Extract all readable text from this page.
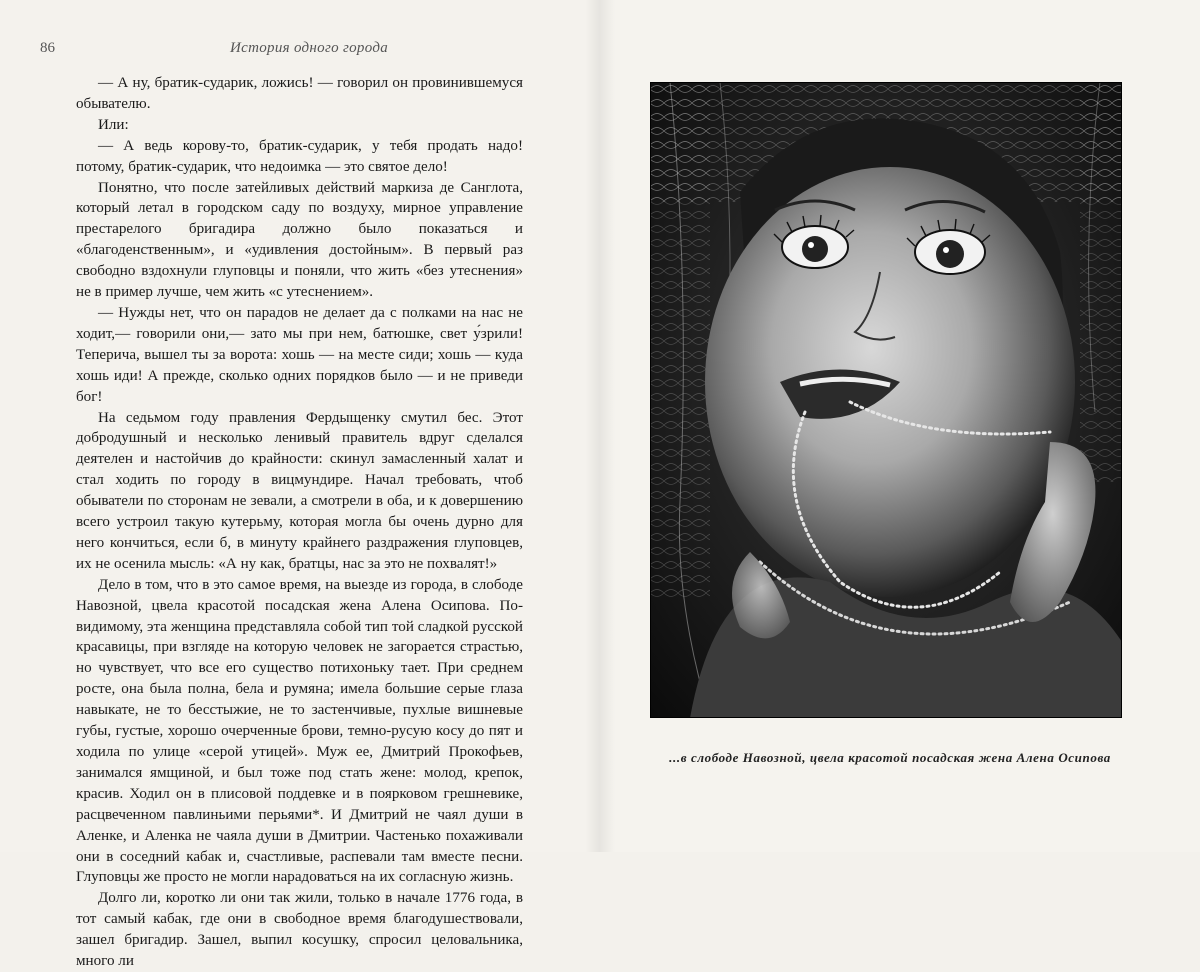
86	История одного города

— А ну, братик-сударик, ложись! — говорил он провинившемуся обывателю.

Или:

— А ведь корову-то, братик-сударик, у тебя продать надо! потому, братик-сударик, что недоимка — это святое дело!

Понятно, что после затейливых действий маркиза де Санглота, который летал в городском саду по воздуху, мирное управление престарелого бригадира должно было показаться и «благоденственным», и «удивления достойным». В первый раз свободно вздохнули глуповцы и поняли, что жить «без утеснения» не в пример лучше, чем жить «с утеснением».

— Нужды нет, что он парадов не делает да с полками на нас не ходит,— говорили они,— зато мы при нем, батюшке, свет у́зрили! Теперича, вышел ты за ворота: хошь — на месте сиди; хошь — куда хошь иди! А прежде, сколько одних порядков было — и не приведи бог!

На седьмом году правления Фердыщенку смутил бес. Этот добродушный и несколько ленивый правитель вдруг сделался деятелен и настойчив до крайности: скинул замасленный халат и стал ходить по городу в вицмундире. Начал требовать, чтоб обыватели по сторонам не зевали, а смотрели в оба, и к довершению всего устроил такую кутерьму, которая могла бы очень дурно для него кончиться, если б, в минуту крайнего раздражения глуповцев, их не осенила мысль: «А ну как, братцы, нас за это не похвалят!»

Дело в том, что в это самое время, на выезде из города, в слободе Навозной, цвела красотой посадская жена Алена Осипова. По-видимому, эта женщина представляла собой тип той сладкой русской красавицы, при взгляде на которую человек не загорается страстью, но чувствует, что все его существо потихоньку тает. При среднем росте, она была полна, бела и румяна; имела большие серые глаза навыкате, не то бесстыжие, не то застенчивые, пухлые вишневые губы, густые, хорошо очерченные брови, темно-русую косу до пят и ходила по улице «серой утицей». Муж ее, Дмитрий Прокофьев, занимался ямщиной, и был тоже под стать жене: молод, крепок, красив. Ходил он в плисовой поддевке и в поярковом грешневике, расцвеченном павлиньими перьями*. И Дмитрий не чаял души в Аленке, и Аленка не чаяла души в Дмитрии. Частенько похаживали они в соседний кабак и, счастливые, распевали там вместе песни. Глуповцы же просто не могли нарадоваться на их согласную жизнь.

Долго ли, коротко ли они так жили, только в начале 1776 года, в тот самый кабак, где они в свободное время благодушествовали, зашел бригадир. Зашел, выпил косушку, спросил целовальника, много ли

...в слободе Навозной, цвела красотой посадская жена Алена Осипова
